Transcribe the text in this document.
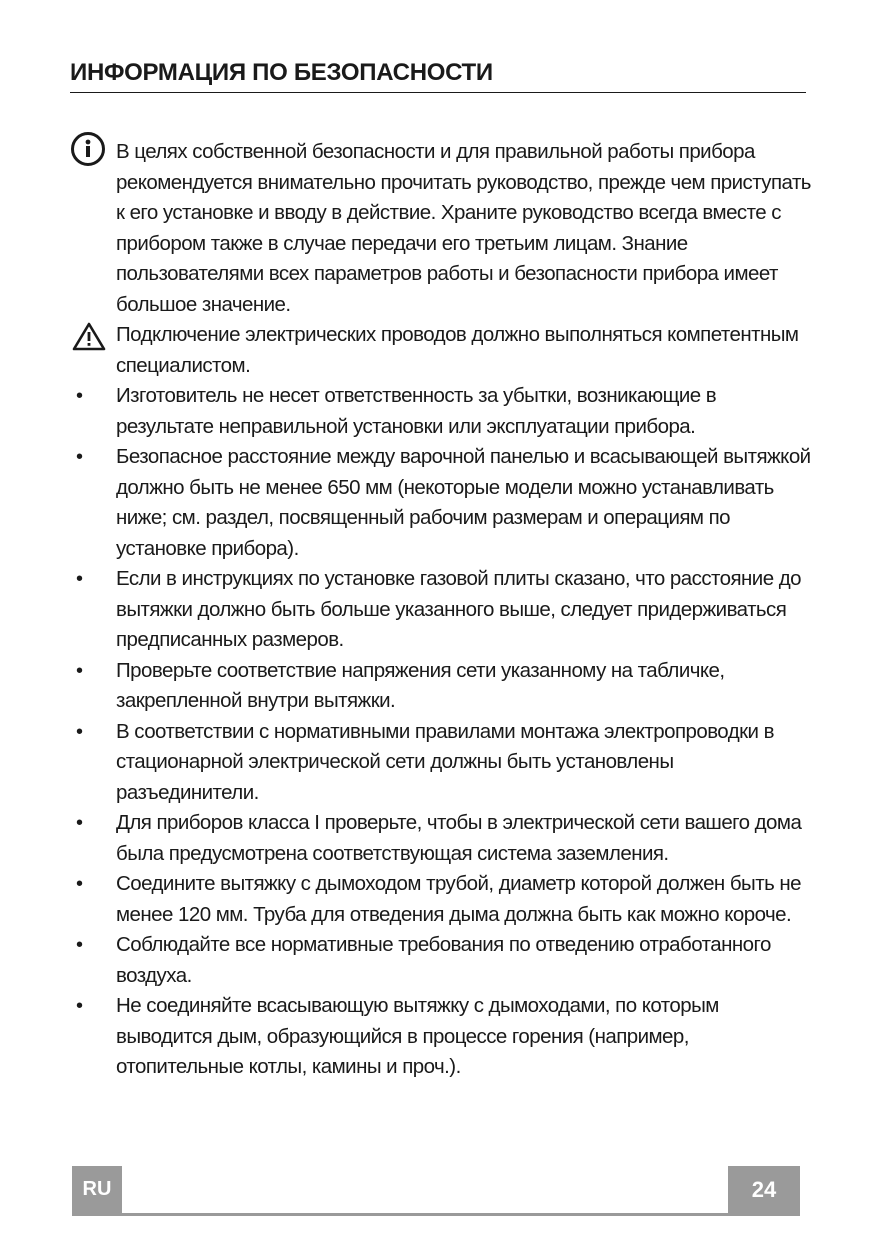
ИНФОРМАЦИЯ ПО БЕЗОПАСНОСТИ

В целях собственной безопасности и для правильной работы прибора рекомендуется внимательно прочитать руководство, прежде чем приступать к его установке и вводу в действие. Храните руководство всегда вместе с прибором также в случае передачи его третьим лицам. Знание пользователями всех параметров работы и безопасности прибора имеет большое значение.

Подключение электрических проводов должно выполняться компетентным специалистом.

• Изготовитель не несет ответственность за убытки, возникающие в результате неправильной установки или эксплуатации прибора.

• Безопасное расстояние между варочной панелью и всасывающей вытяжкой должно быть не менее 650 мм (некоторые модели можно устанавливать ниже; см. раздел, посвященный рабочим размерам и операциям по установке прибора).

• Если в инструкциях по установке газовой плиты сказано, что расстояние до вытяжки должно быть больше указанного выше, следует придерживаться предписанных размеров.

• Проверьте соответствие напряжения сети указанному на табличке, закрепленной внутри вытяжки.

• В соответствии с нормативными правилами монтажа электропроводки в стационарной электрической сети должны быть установлены разъединители.

• Для приборов класса I проверьте, чтобы в электрической сети вашего дома была предусмотрена соответствующая система заземления.

• Соедините вытяжку с дымоходом трубой, диаметр которой должен быть не менее 120 мм. Труба для отведения дыма должна быть как можно короче.

• Соблюдайте все нормативные требования по отведению отработанного воздуха.

• Не соединяйте всасывающую вытяжку с дымоходами, по которым выводится дым, образующийся в процессе горения (например, отопительные котлы, камины и проч.).

RU	24
